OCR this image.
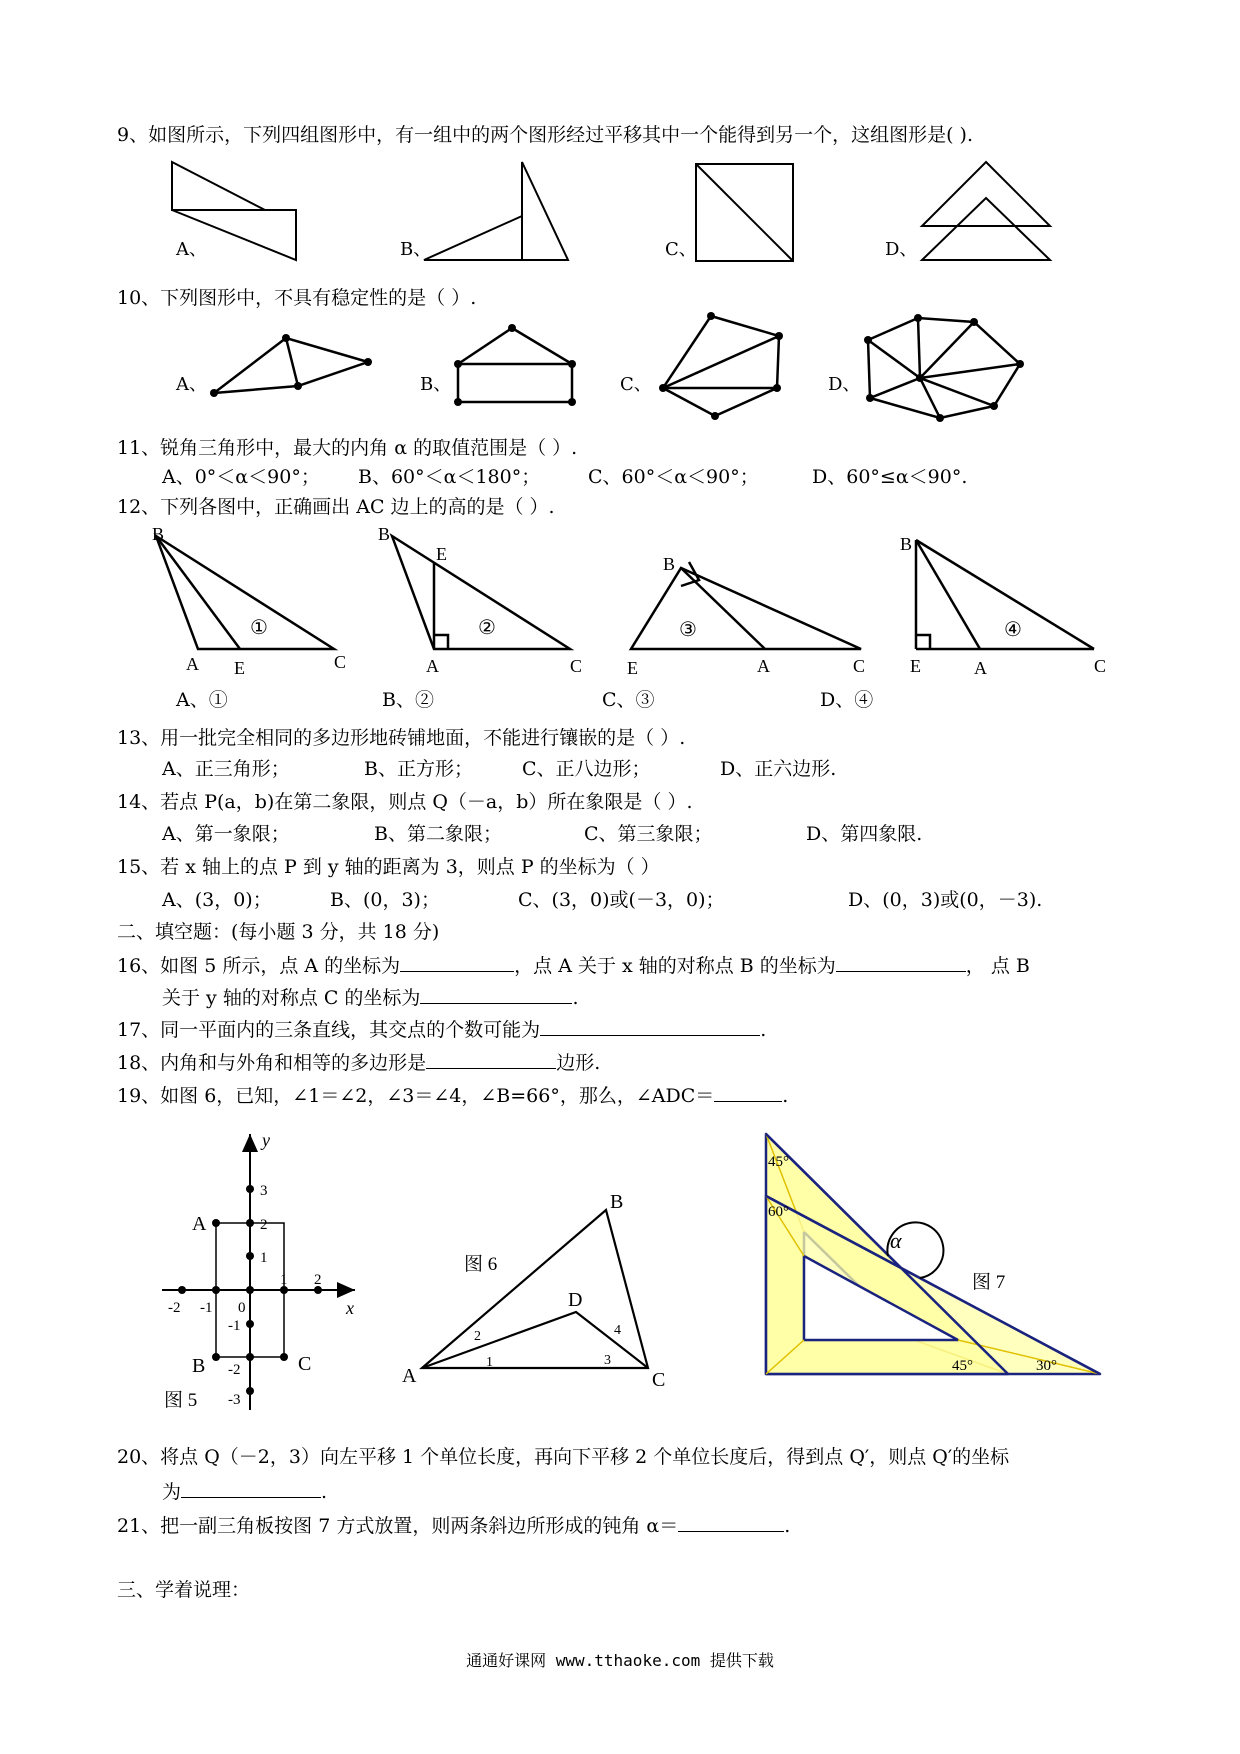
9、如图所示，下列四组图形中，有一组中的两个图形经过平移其中一个能得到另一个，这组图形是( ).
A、	B、	C、	D、
10、下列图形中，不具有稳定性的是（ ）.
A、	B、	C、	D、
11、锐角三角形中，最大的内角 α 的取值范围是（ ）.
A、0°＜α＜90°； B、60°＜α＜180°；	C、60°＜α＜90°；	D、60°≤α＜90°.
12、下列各图中，正确画出 AC 边上的高的是（ ）.
B
A E	C
①
B
E
A	C
②
B
E	A	C
③
B
E	A	C
④
A、①	B、②	C、③	D、④
13、用一批完全相同的多边形地砖铺地面，不能进行镶嵌的是（ ）.
A、正三角形；	B、正方形；	C、正八边形；	D、正六边形.
14、若点 P(a，b)在第二象限，则点 Q（－a，b）所在象限是（ ）.
A、第一象限；	B、第二象限；	C、第三象限；	D、第四象限.
15、若 x 轴上的点 P 到 y 轴的距离为 3，则点 P 的坐标为（ ）
A、(3，0)；	B、(0，3)；	C、(3，0)或(－3，0)；	D、(0，3)或(0，－3).
二、填空题：(每小题 3 分，共 18 分)
16、如图 5 所示，点 A 的坐标为	，点 A 关于 x 轴的对称点 B 的坐标为	， 点 B
关于 y 轴的对称点 C 的坐标为	.
17、同一平面内的三条直线，其交点的个数可能为	.
18、内角和与外角和相等的多边形是	边形.
19、如图 6，已知，∠1＝∠2，∠3＝∠4，∠B=66°，那么，∠ADC＝	.
y
x
0
-2 -1
1 2
3
2
1
-1
-2
-3
A
B	C
图 5
B
A	C
D
1
2
3
4
图 6
α
45°
60°
45°	30°
图 7
20、将点 Q（－2，3）向左平移 1 个单位长度，再向下平移 2 个单位长度后，得到点 Q′，则点 Q′的坐标
为	.
21、把一副三角板按图 7 方式放置，则两条斜边所形成的钝角 α＝	.
三、学着说理：
通通好课网 www.tthaoke.com 提供下载
